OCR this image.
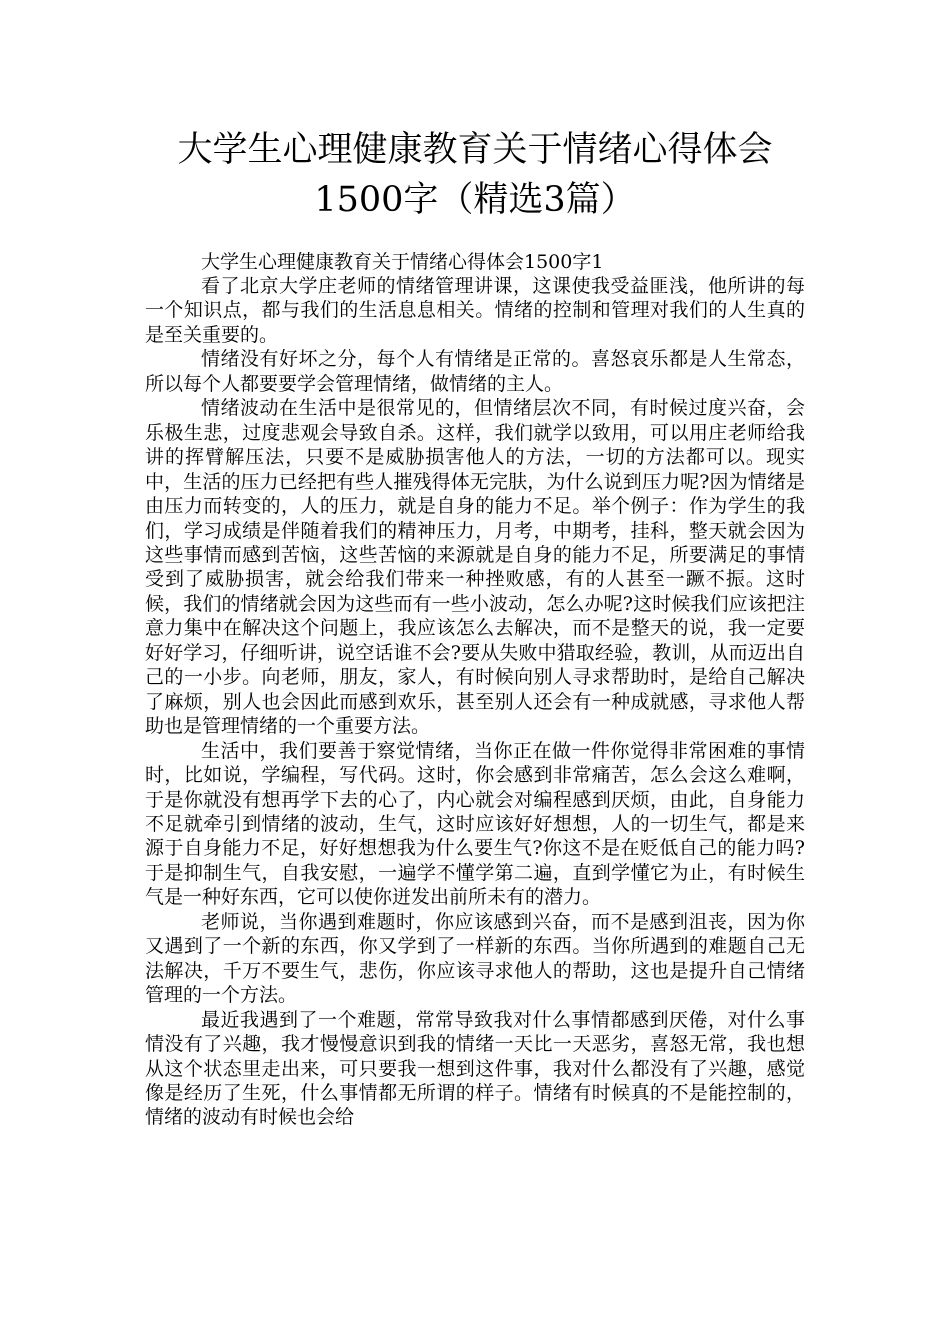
大学生心理健康教育关于情绪心得体会
1500字（精选3篇）

大学生心理健康教育关于情绪心得体会1500字1

看了北京大学庄老师的情绪管理讲课，这课使我受益匪浅，他所讲的每一个知识点，都与我们的生活息息相关。情绪的控制和管理对我们的人生真的是至关重要的。

情绪没有好坏之分，每个人有情绪是正常的。喜怒哀乐都是人生常态，所以每个人都要要学会管理情绪，做情绪的主人。

情绪波动在生活中是很常见的，但情绪层次不同，有时候过度兴奋，会乐极生悲，过度悲观会导致自杀。这样，我们就学以致用，可以用庄老师给我讲的挥臂解压法，只要不是威胁损害他人的方法，一切的方法都可以。现实中，生活的压力已经把有些人摧残得体无完肤，为什么说到压力呢?因为情绪是由压力而转变的，人的压力，就是自身的能力不足。举个例子：作为学生的我们，学习成绩是伴随着我们的精神压力，月考，中期考，挂科，整天就会因为这些事情而感到苦恼，这些苦恼的来源就是自身的能力不足，所要满足的事情受到了威胁损害，就会给我们带来一种挫败感，有的人甚至一蹶不振。这时候，我们的情绪就会因为这些而有一些小波动，怎么办呢?这时候我们应该把注意力集中在解决这个问题上，我应该怎么去解决，而不是整天的说，我一定要好好学习，仔细听讲，说空话谁不会?要从失败中猎取经验，教训，从而迈出自己的一小步。向老师，朋友，家人，有时候向别人寻求帮助时，是给自己解决了麻烦，别人也会因此而感到欢乐，甚至别人还会有一种成就感，寻求他人帮助也是管理情绪的一个重要方法。

生活中，我们要善于察觉情绪，当你正在做一件你觉得非常困难的事情时，比如说，学编程，写代码。这时，你会感到非常痛苦，怎么会这么难啊，于是你就没有想再学下去的心了，内心就会对编程感到厌烦，由此，自身能力不足就牵引到情绪的波动，生气，这时应该好好想想，人的一切生气，都是来源于自身能力不足，好好想想我为什么要生气?你这不是在贬低自己的能力吗?于是抑制生气，自我安慰，一遍学不懂学第二遍，直到学懂它为止，有时候生气是一种好东西，它可以使你迸发出前所未有的潜力。

老师说，当你遇到难题时，你应该感到兴奋，而不是感到沮丧，因为你又遇到了一个新的东西，你又学到了一样新的东西。当你所遇到的难题自己无法解决，千万不要生气，悲伤，你应该寻求他人的帮助，这也是提升自己情绪管理的一个方法。

最近我遇到了一个难题，常常导致我对什么事情都感到厌倦，对什么事情没有了兴趣，我才慢慢意识到我的情绪一天比一天恶劣，喜怒无常，我也想从这个状态里走出来，可只要我一想到这件事，我对什么都没有了兴趣，感觉像是经历了生死，什么事情都无所谓的样子。情绪有时候真的不是能控制的，情绪的波动有时候也会给
